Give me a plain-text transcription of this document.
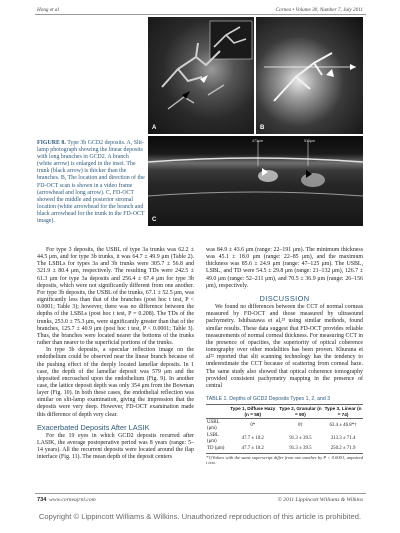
Hong et al	Cornea • Volume 30, Number 7, July 2011
FIGURE 8. Type 3b GCD2 deposits. A, Slit-lamp photograph showing the linear deposits with long branches in GCD2. A branch (white arrow) is enlarged in the inset. The trunk (black arrow) is thicker than the branches. B, The location and direction of the FD-OCT scan is shown in a video frame (arrowhead and long arrow). C, FD-OCT showed the middle and posterior stromal location (white arrowhead for the branch and black arrowhead for the trunk in the FD-OCT image).
A	B
471μm	513μm
C

For type 3 deposits, the USBL of type 3a trunks was 62.2 ± 44.5 μm, and for type 3b trunks, it was 64.7 ± 49.9 μm (Table 2). The LSBLs for types 3a and 3b trunks were 305.7 ± 56.8 and 321.9 ± 80.4 μm, respectively. The resulting TDs were 242.5 ± 61.3 μm for type 3a deposits and 256.4 ± 67.4 μm for type 3b deposits, which were not significantly different from one another. For type 3b deposits, the USBL of the trunks, 67.1 ± 52.5 μm, was significantly less than that of the branches (post hoc t test, P < 0.0001; Table 3); however, there was no difference between the depths of the LSBLs (post hoc t test, P = 0.208). The TDs of the trunks, 253.0 ± 75.3 μm, were significantly greater than that of the branches, 125.7 ± 40.9 μm (post hoc t test, P < 0.0001; Table 3). Thus, the branches were located nearer the bottoms of the trunks rather than nearer to the superficial portions of the trunks.

In type 3b deposits, a specular reflection image on the endothelium could be observed near the linear branch because of the pushing effect of the deeply located lamellar deposits. In 1 case, the depth of the lamellar deposit was 579 μm and the deposited encroached upon the endothelium (Fig. 9). In another case, the lattice deposit depth was only 354 μm from the Bowman layer (Fig. 10). In both these cases, the endothelial reflection was similar on slit-lamp examination, giving the impression that the deposits were very deep. However, FD-OCT examination made this difference of depth very clear.

Exacerbated Deposits After LASIK

For the 19 eyes in which GCD2 deposits recurred after LASIK, the average postoperative period was 8 years (range: 5–14 years). All the recurrent deposits were located around the flap interface (Fig. 11). The mean depth of the deposit centers

was 84.9 ± 43.6 μm (range: 22–191 μm). The minimum thickness was 45.1 ± 18.0 μm (range: 22–85 μm), and the maximum thickness was 85.6 ± 24.9 μm (range: 47–125 μm). The USBL, LSBL, and TD were 54.5 ± 29.8 μm (range: 21–132 μm), 126.7 ± 49.0 μm (range: 52–211 μm), and 70.5 ± 36.9 μm (range: 26–156 μm), respectively.

DISCUSSION

We found no differences between the CCT of normal corneas measured by FD-OCT and those measured by ultrasound pachymetry. Ishibazawa et al,²³ using similar methods, found similar results. These data suggest that FD-OCT provides reliable measurements of normal corneal thickness. For measuring CCT in the presence of opacities, the superiority of optical coherence tomography over other modalities has been proven. Khurana et al²² reported that slit scanning technology has the tendency to underestimate the CCT because of scattering from corneal haze. The same study also showed that optical coherence tomography provided consistent pachymetry mapping in the presence of central

TABLE 1. Depths of GCD2 Deposits Types 1, 2, and 3
	Type 1, Diffuse Hazy (n = 58)	Type 2, Granular (n = 90)	Type 3, Linear (n = 74)
USBL (μm)	0*	0†	63.4 ± 46.8*†
LSBL (μm)	47.7 ± 10.2	91.3 ± 39.5	313.3 ± 71.4
TD (μm)	47.7 ± 10.2	91.3 ± 39.5	250.2 ± 71.9
*†(Values with the same superscript differ from one another by P < 0.0001, unpaired t test.
734 www.corneajrnl.com	© 2011 Lippincott Williams & Wilkins
Copyright © Lippincott Williams & Wilkins. Unauthorized reproduction of this article is prohibited.
